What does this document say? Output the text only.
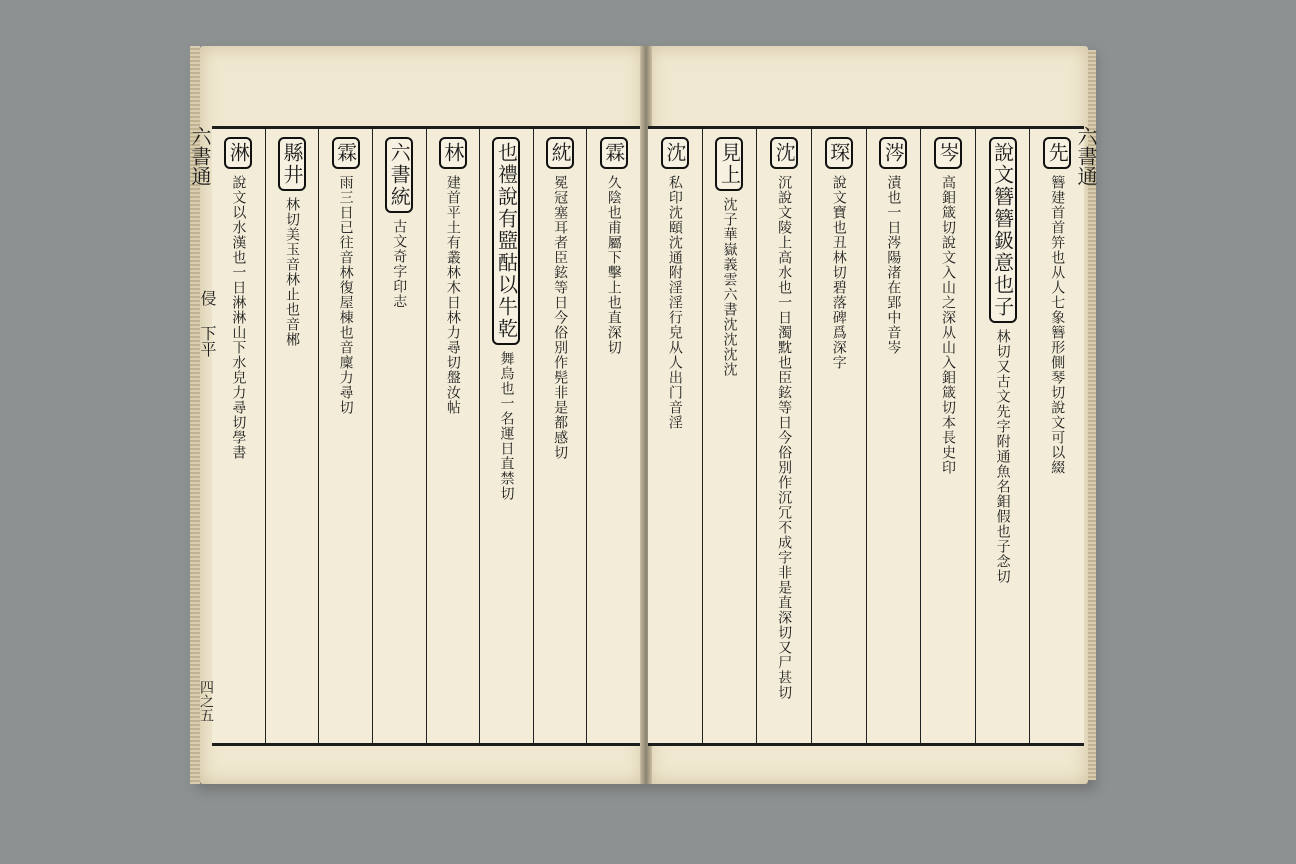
霖
久陰也甫屬下擊上也直深切
紞
冕冠塞耳者臣鉉等日今俗別作髡非是都感切
也禮說有盬酤以牛乾
舞烏也一名運日直禁切
林
建首平土有叢林木日林力尋切盤汝帖
六書統
古文奇字印志
霖
雨三日已往音林復屋棟也音廩力尋切
縣井
林切美玉音林止也音郴
淋
說文以水漢也一日淋淋山下水皃力尋切學書
先
簪建首首笄也从人七象簪形側琴切說文可以綴
說文簪簪鈒意也子
林切又古文先字附通魚名鉬假也子念切
岑
高鉬箴切說文入山之深从山入鉬箴切本長史印
涔
漬也一日涔陽渚在郢中音岑
琛
說文寶也丑林切碧落碑爲深字
沈
沉說文陵上高水也一日濁黕也臣鉉等日今俗別作沉冗不成字非是直深切又尸甚切
見上
沈子華嶽義雲六書沈沈沈沈
沈
私印沈頤沈通附淫淫行皃从人出门音淫
六書通
侵 下平
四之五
六書通
